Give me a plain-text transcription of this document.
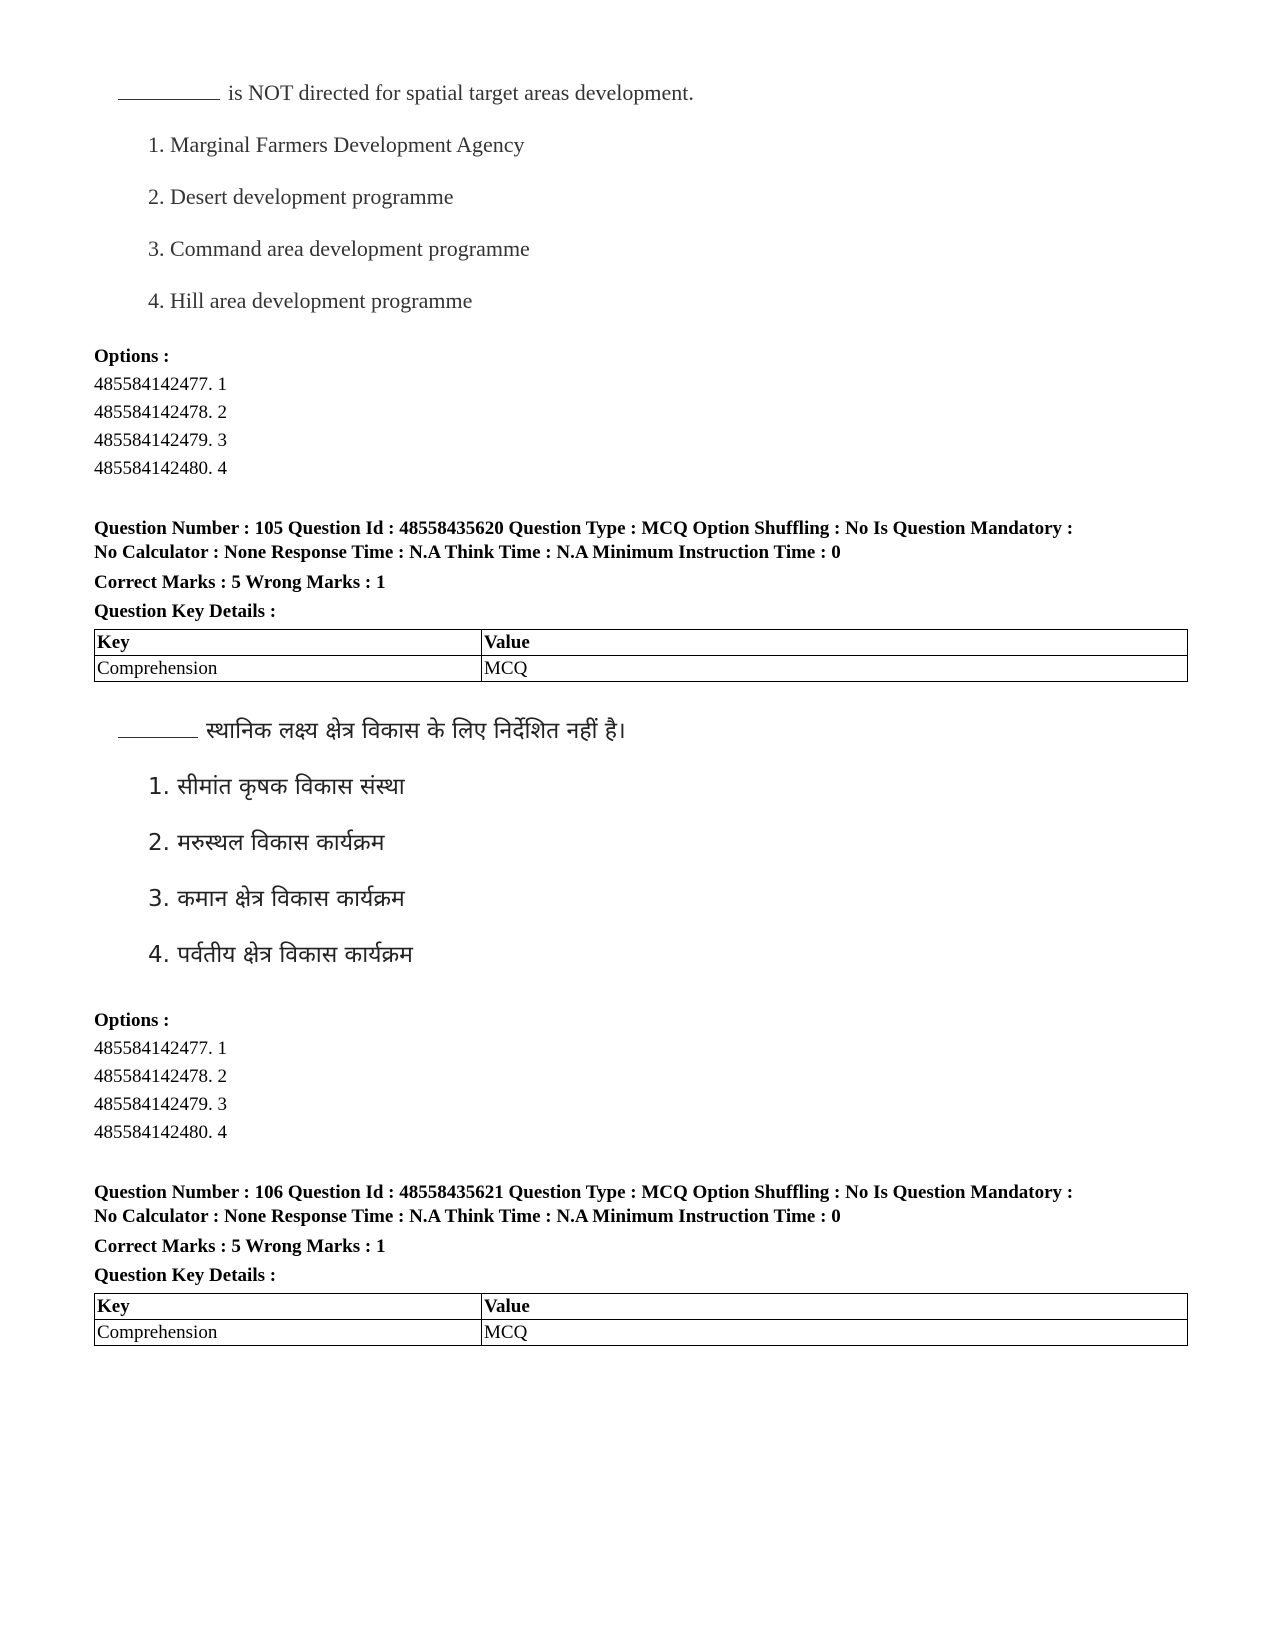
is NOT directed for spatial target areas development.

1. Marginal Farmers Development Agency

2. Desert development programme

3. Command area development programme

4. Hill area development programme

Options :
485584142477. 1
485584142478. 2
485584142479. 3
485584142480. 4
Question Number : 105 Question Id : 48558435620 Question Type : MCQ Option Shuffling : No Is Question Mandatory :
No Calculator : None Response Time : N.A Think Time : N.A Minimum Instruction Time : 0
Correct Marks : 5 Wrong Marks : 1
Question Key Details :
Key	Value
Comprehension	MCQ

स्थानिक लक्ष्य क्षेत्र विकास के लिए निर्देशित नहीं है।

1. सीमांत कृषक विकास संस्था

2. मरुस्थल विकास कार्यक्रम

3. कमान क्षेत्र विकास कार्यक्रम

4. पर्वतीय क्षेत्र विकास कार्यक्रम

Options :
485584142477. 1
485584142478. 2
485584142479. 3
485584142480. 4
Question Number : 106 Question Id : 48558435621 Question Type : MCQ Option Shuffling : No Is Question Mandatory :
No Calculator : None Response Time : N.A Think Time : N.A Minimum Instruction Time : 0
Correct Marks : 5 Wrong Marks : 1
Question Key Details :
Key	Value
Comprehension	MCQ
